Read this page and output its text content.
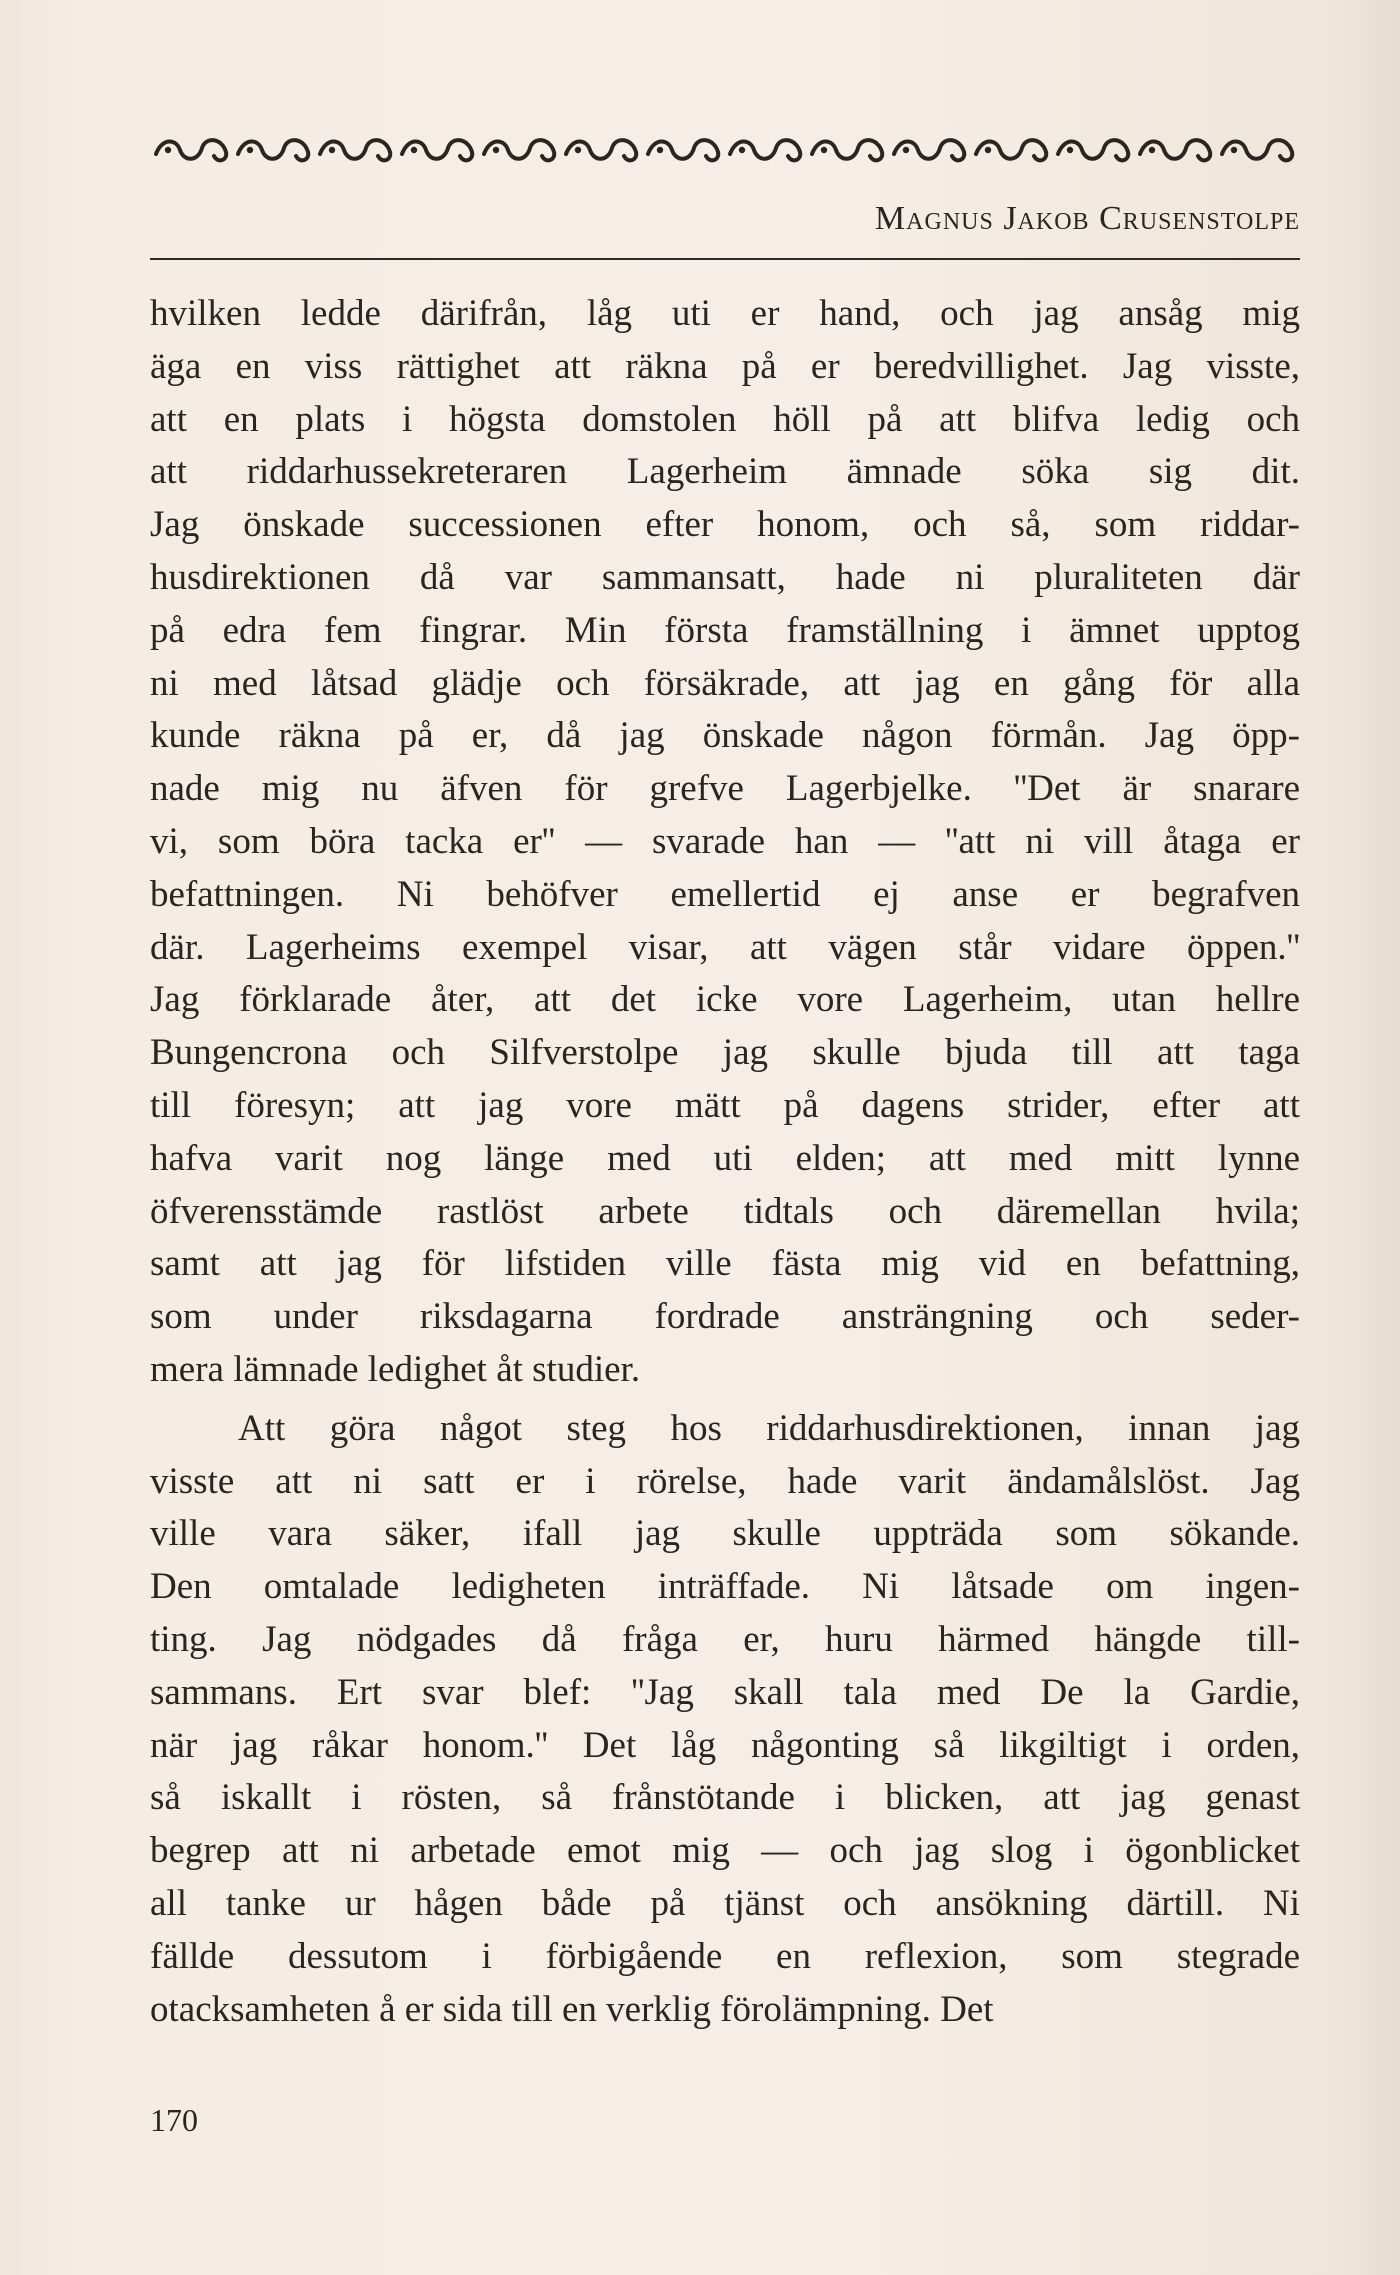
Magnus Jakob Crusenstolpe
hvilken ledde därifrån, låg uti er hand, och jag ansåg mig
äga en viss rättighet att räkna på er beredvillighet. Jag visste,
att en plats i högsta domstolen höll på att blifva ledig och
att riddarhussekreteraren Lagerheim ämnade söka sig dit.
Jag önskade successionen efter honom, och så, som riddar-
husdirektionen då var sammansatt, hade ni pluraliteten där
på edra fem fingrar. Min första framställning i ämnet upptog
ni med låtsad glädje och försäkrade, att jag en gång för alla
kunde räkna på er, då jag önskade någon förmån. Jag öpp-
nade mig nu äfven för grefve Lagerbjelke. ''Det är snarare
vi, som böra tacka er'' — svarade han — ''att ni vill åtaga er
befattningen. Ni behöfver emellertid ej anse er begrafven
där. Lagerheims exempel visar, att vägen står vidare öppen.''
Jag förklarade åter, att det icke vore Lagerheim, utan hellre
Bungencrona och Silfverstolpe jag skulle bjuda till att taga
till föresyn; att jag vore mätt på dagens strider, efter att
hafva varit nog länge med uti elden; att med mitt lynne
öfverensstämde rastlöst arbete tidtals och däremellan hvila;
samt att jag för lifstiden ville fästa mig vid en befattning,
som under riksdagarna fordrade ansträngning och seder-
mera lämnade ledighet åt studier.
Att göra något steg hos riddarhusdirektionen, innan jag
visste att ni satt er i rörelse, hade varit ändamålslöst. Jag
ville vara säker, ifall jag skulle uppträda som sökande.
Den omtalade ledigheten inträffade. Ni låtsade om ingen-
ting. Jag nödgades då fråga er, huru härmed hängde till-
sammans. Ert svar blef: ''Jag skall tala med De la Gardie,
när jag råkar honom.'' Det låg någonting så likgiltigt i orden,
så iskallt i rösten, så frånstötande i blicken, att jag genast
begrep att ni arbetade emot mig — och jag slog i ögonblicket
all tanke ur hågen både på tjänst och ansökning därtill. Ni
fällde dessutom i förbigående en reflexion, som stegrade
otacksamheten å er sida till en verklig förolämpning. Det
170
